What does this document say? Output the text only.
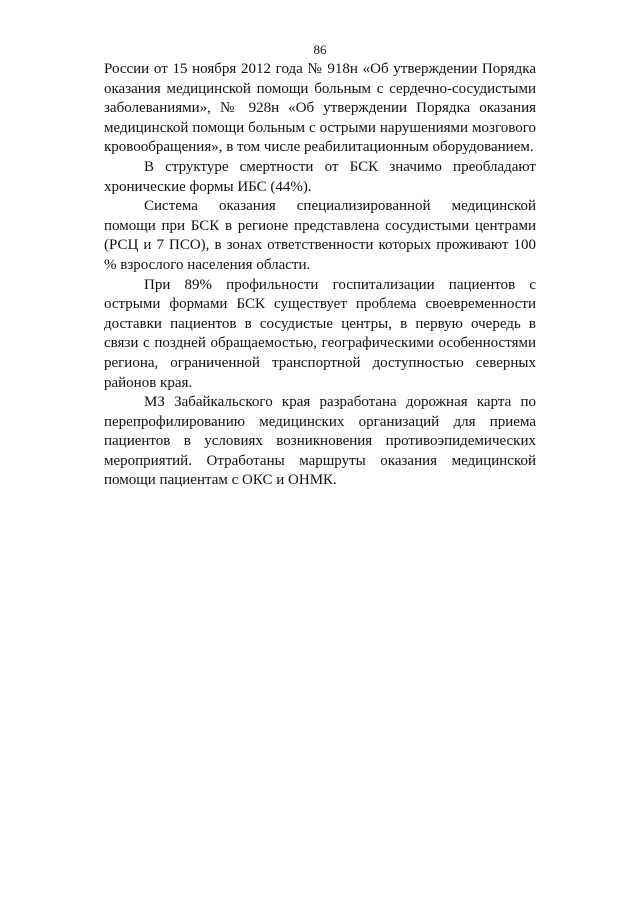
86

России от 15 ноября 2012 года № 918н «Об утверждении Порядка оказания медицинской помощи больным с сердечно-сосудистыми заболеваниями», № 928н «Об утверждении Порядка оказания медицинской помощи больным с острыми нарушениями мозгового кровообращения», в том числе реабилитационным оборудованием.

В структуре смертности от БСК значимо преобладают хронические формы ИБС (44%).

Система оказания специализированной медицинской помощи при БСК в регионе представлена сосудистыми центрами (РСЦ и 7 ПСО), в зонах ответственности которых проживают 100 % взрослого населения области.

При 89% профильности госпитализации пациентов с острыми формами БСК существует проблема своевременности доставки пациентов в сосудистые центры, в первую очередь в связи с поздней обращаемостью, географическими особенностями региона, ограниченной транспортной доступностью северных районов края.

МЗ Забайкальского края разработана дорожная карта по перепрофилированию медицинских организаций для приема пациентов в условиях возникновения противоэпидемических мероприятий. Отработаны маршруты оказания медицинской помощи пациентам с ОКС и ОНМК.
